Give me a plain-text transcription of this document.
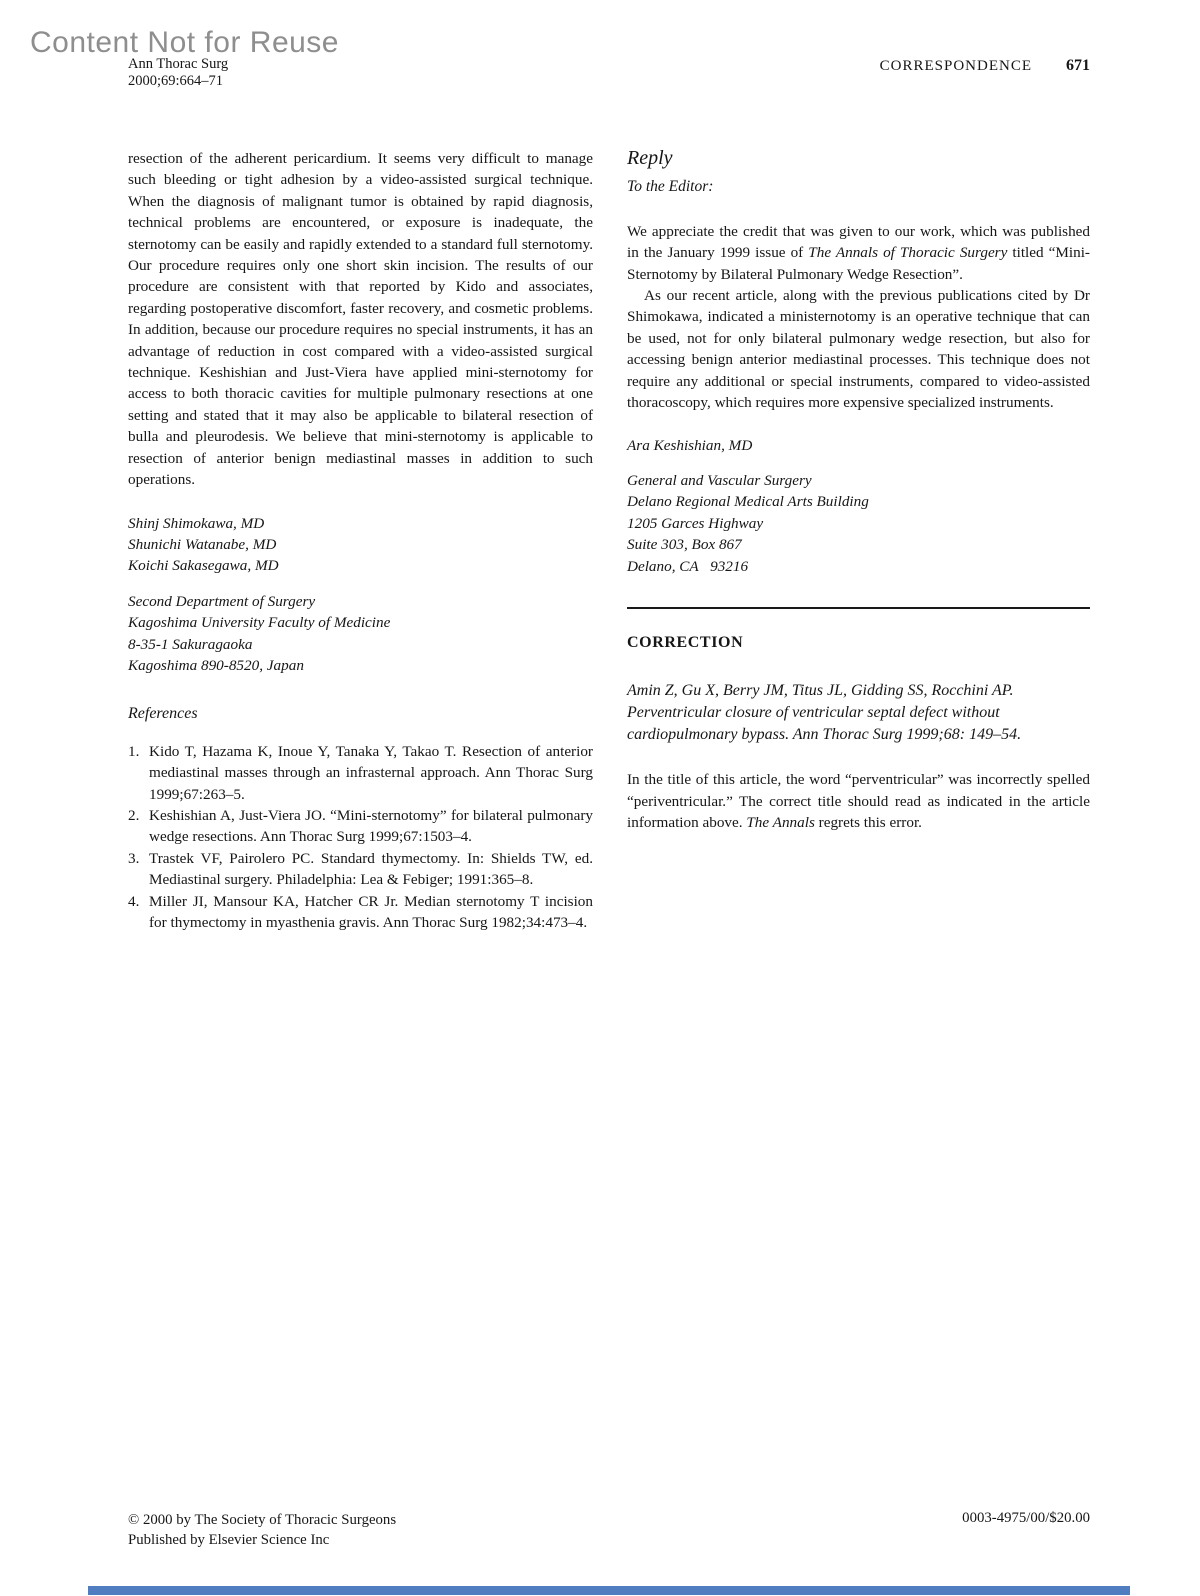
Content Not for Reuse
Ann Thorac Surg
2000;69:664–71
CORRESPONDENCE 671

resection of the adherent pericardium. It seems very difficult to manage such bleeding or tight adhesion by a video-assisted surgical technique. When the diagnosis of malignant tumor is obtained by rapid diagnosis, technical problems are encountered, or exposure is inadequate, the sternotomy can be easily and rapidly extended to a standard full sternotomy. Our procedure requires only one short skin incision. The results of our procedure are consistent with that reported by Kido and associates, regarding postoperative discomfort, faster recovery, and cosmetic problems. In addition, because our procedure requires no special instruments, it has an advantage of reduction in cost compared with a video-assisted surgical technique. Keshishian and Just-Viera have applied mini-sternotomy for access to both thoracic cavities for multiple pulmonary resections at one setting and stated that it may also be applicable to bilateral resection of bulla and pleurodesis. We believe that mini-sternotomy is applicable to resection of anterior benign mediastinal masses in addition to such operations.

Shinj Shimokawa, MD
Shunichi Watanabe, MD
Koichi Sakasegawa, MD
Second Department of Surgery
Kagoshima University Faculty of Medicine
8-35-1 Sakuragaoka
Kagoshima 890-8520, Japan
References
1. Kido T, Hazama K, Inoue Y, Tanaka Y, Takao T. Resection of anterior mediastinal masses through an infrasternal approach. Ann Thorac Surg 1999;67:263–5.
2. Keshishian A, Just-Viera JO. “Mini-sternotomy” for bilateral pulmonary wedge resections. Ann Thorac Surg 1999;67:1503–4.
3. Trastek VF, Pairolero PC. Standard thymectomy. In: Shields TW, ed. Mediastinal surgery. Philadelphia: Lea & Febiger; 1991:365–8.
4. Miller JI, Mansour KA, Hatcher CR Jr. Median sternotomy T incision for thymectomy in myasthenia gravis. Ann Thorac Surg 1982;34:473–4.
Reply
To the Editor:

We appreciate the credit that was given to our work, which was published in the January 1999 issue of The Annals of Thoracic Surgery titled “Mini-Sternotomy by Bilateral Pulmonary Wedge Resection”.

As our recent article, along with the previous publications cited by Dr Shimokawa, indicated a ministernotomy is an operative technique that can be used, not for only bilateral pulmonary wedge resection, but also for accessing benign anterior mediastinal processes. This technique does not require any additional or special instruments, compared to video-assisted thoracoscopy, which requires more expensive specialized instruments.

Ara Keshishian, MD
General and Vascular Surgery
Delano Regional Medical Arts Building
1205 Garces Highway
Suite 303, Box 867
Delano, CA   93216
CORRECTION

Amin Z, Gu X, Berry JM, Titus JL, Gidding SS, Rocchini AP. Perventricular closure of ventricular septal defect without cardiopulmonary bypass. Ann Thorac Surg 1999;68: 149–54.

In the title of this article, the word “perventricular” was incorrectly spelled “periventricular.” The correct title should read as indicated in the article information above. The Annals regrets this error.

© 2000 by The Society of Thoracic Surgeons
Published by Elsevier Science Inc
0003-4975/00/$20.00
